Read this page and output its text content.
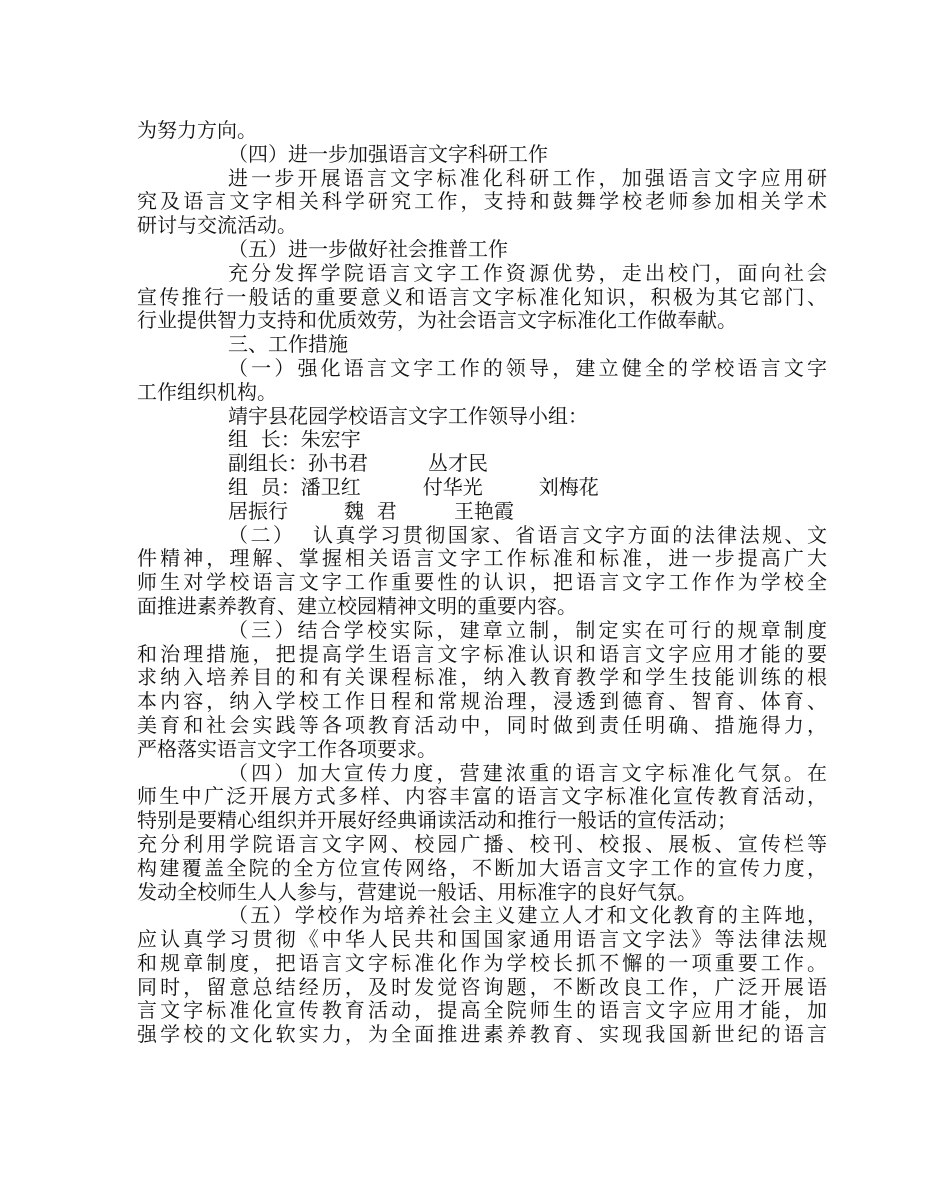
为努力方向。
（四）进一步加强语言文字科研工作
进一步开展语言文字标准化科研工作，加强语言文字应用研
究及语言文字相关科学研究工作，支持和鼓舞学校老师参加相关学术
研讨与交流活动。
（五）进一步做好社会推普工作
充分发挥学院语言文字工作资源优势，走出校门，面向社会
宣传推行一般话的重要意义和语言文字标准化知识，积极为其它部门、
行业提供智力支持和优质效劳，为社会语言文字标准化工作做奉献。
三、工作措施
（一）强化语言文字工作的领导，建立健全的学校语言文字
工作组织机构。
靖宇县花园学校语言文字工作领导小组：
组  长：朱宏宇
副组长：孙书君	丛才民
组  员：潘卫红	付华光	刘梅花
居振行	魏  君	王艳霞
（二）  认真学习贯彻国家、省语言文字方面的法律法规、文
件精神，理解、掌握相关语言文字工作标准和标准，进一步提高广大
师生对学校语言文字工作重要性的认识，把语言文字工作作为学校全
面推进素养教育、建立校园精神文明的重要内容。
（三）结合学校实际，建章立制，制定实在可行的规章制度
和治理措施，把提高学生语言文字标准认识和语言文字应用才能的要
求纳入培养目的和有关课程标准，纳入教育教学和学生技能训练的根
本内容，纳入学校工作日程和常规治理，浸透到德育、智育、体育、
美育和社会实践等各项教育活动中，同时做到责任明确、措施得力，
严格落实语言文字工作各项要求。
（四）加大宣传力度，营建浓重的语言文字标准化气氛。在
师生中广泛开展方式多样、内容丰富的语言文字标准化宣传教育活动，
特别是要精心组织并开展好经典诵读活动和推行一般话的宣传活动；
充分利用学院语言文字网、校园广播、校刊、校报、展板、宣传栏等
构建覆盖全院的全方位宣传网络，不断加大语言文字工作的宣传力度，
发动全校师生人人参与，营建说一般话、用标准字的良好气氛。
（五）学校作为培养社会主义建立人才和文化教育的主阵地，
应认真学习贯彻《中华人民共和国国家通用语言文字法》等法律法规
和规章制度，把语言文字标准化作为学校长抓不懈的一项重要工作。
同时，留意总结经历，及时发觉咨询题，不断改良工作，广泛开展语
言文字标准化宣传教育活动，提高全院师生的语言文字应用才能，加
强学校的文化软实力，为全面推进素养教育、实现我国新世纪的语言
